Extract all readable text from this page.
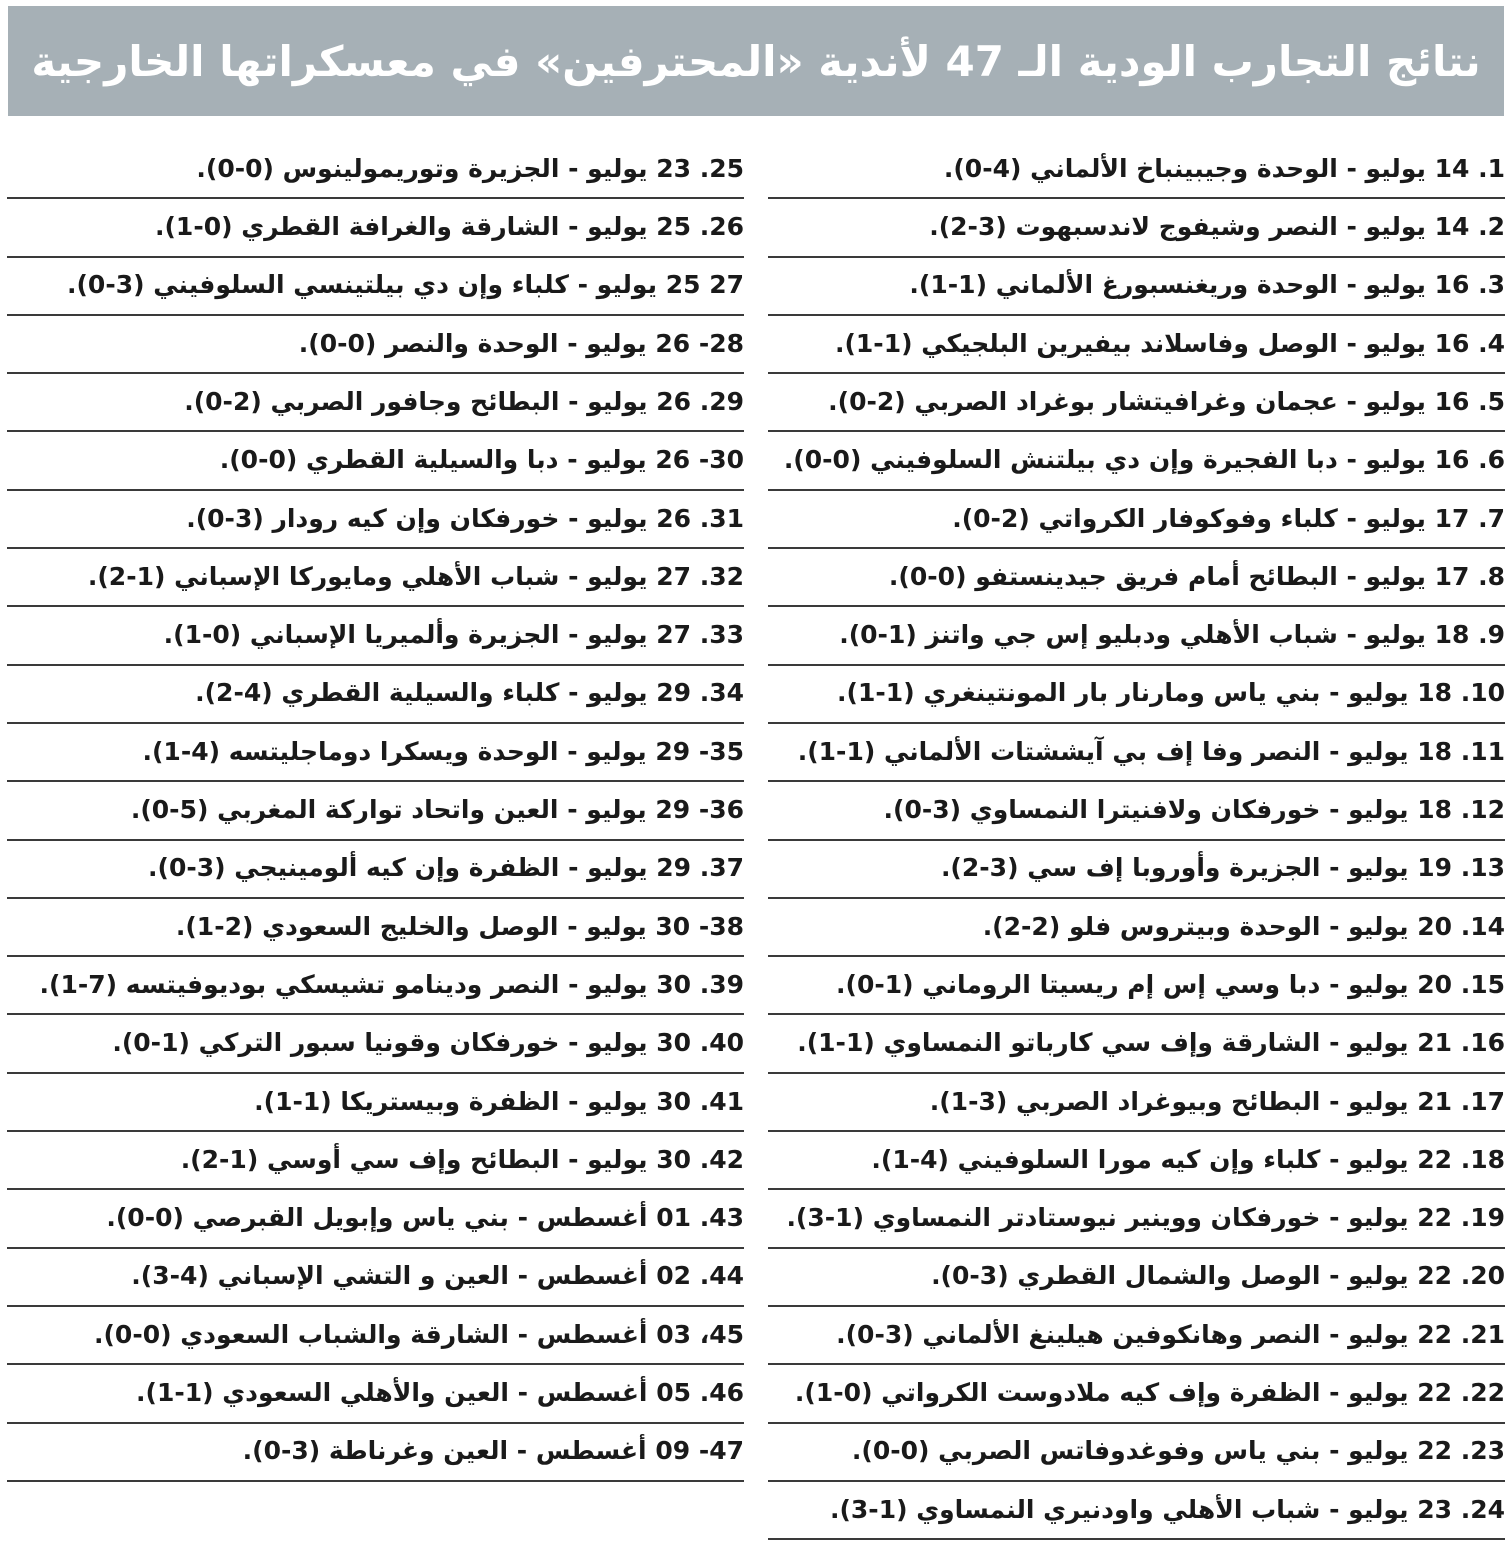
نتائج التجارب الودية الـ 47 لأندية «المحترفين» في معسكراتها الخارجية
1. 14 يوليو - الوحدة وجيبينباخ الألماني (4-0).
2. 14 يوليو - النصر وشيفوج لاندسبهوت (3-2).
3. 16 يوليو - الوحدة وريغنسبورغ الألماني (1-1).
4. 16 يوليو - الوصل وفاسلاند بيفيرين البلجيكي (1-1).
5. 16 يوليو - عجمان وغرافيتشار بوغراد الصربي (2-0).
6. 16 يوليو - دبا الفجيرة وإن دي بيلتنش السلوفيني (0-0).
7. 17 يوليو - كلباء وفوكوفار الكرواتي (2-0).
8. 17 يوليو - البطائح أمام فريق جيدينستفو (0-0).
9. 18 يوليو - شباب الأهلي ودبليو إس جي واتنز (1-0).
10. 18 يوليو - بني ياس ومارنار بار المونتينغري (1-1).
11. 18 يوليو - النصر وفا إف بي آيششتات الألماني (1-1).
12. 18 يوليو - خورفكان ولافنيترا النمساوي (3-0).
13. 19 يوليو - الجزيرة وأوروبا إف سي (3-2).
14. 20 يوليو - الوحدة وبيتروس فلو (2-2).
15. 20 يوليو - دبا وسي إس إم ريسيتا الروماني (1-0).
16. 21 يوليو - الشارقة وإف سي كارباتو النمساوي (1-1).
17. 21 يوليو - البطائح وبيوغراد الصربي (3-1).
18. 22 يوليو - كلباء وإن كيه مورا السلوفيني (4-1).
19. 22 يوليو - خورفكان ووينير نيوستادتر النمساوي (1-3).
20. 22 يوليو - الوصل والشمال القطري (3-0).
21. 22 يوليو - النصر وهانكوفين هيلينغ الألماني (3-0).
22. 22 يوليو - الظفرة وإف كيه ملادوست الكرواتي (0-1).
23. 22 يوليو - بني ياس وفوغدوفاتس الصربي (0-0).
24. 23 يوليو - شباب الأهلي واودنيري النمساوي (1-3).
25. 23 يوليو - الجزيرة وتوريمولينوس (0-0).
26. 25 يوليو - الشارقة والغرافة القطري (0-1).
27 25 يوليو - كلباء وإن دي بيلتينسي السلوفيني (3-0).
28- 26 يوليو - الوحدة والنصر (0-0).
29. 26 يوليو - البطائح وجافور الصربي (2-0).
30- 26 يوليو - دبا والسيلية القطري (0-0).
31. 26 يوليو - خورفكان وإن كيه رودار (3-0).
32. 27 يوليو - شباب الأهلي ومايوركا الإسباني (1-2).
33. 27 يوليو - الجزيرة وألميريا الإسباني (0-1).
34. 29 يوليو - كلباء والسيلية القطري (4-2).
35- 29 يوليو - الوحدة ويسكرا دوماجليتسه (4-1).
36- 29 يوليو - العين واتحاد تواركة المغربي (5-0).
37. 29 يوليو - الظفرة وإن كيه ألومينيجي (3-0).
38- 30 يوليو - الوصل والخليج السعودي (2-1).
39. 30 يوليو - النصر ودينامو تشيسكي بوديوفيتسه (7-1).
40. 30 يوليو - خورفكان وقونيا سبور التركي (1-0).
41. 30 يوليو - الظفرة وبيستريكا (1-1).
42. 30 يوليو - البطائح وإف سي أوسي (1-2).
43. 01 أغسطس - بني ياس وإبويل القبرصي (0-0).
44. 02 أغسطس - العين و التشي الإسباني (4-3).
45، 03 أغسطس - الشارقة والشباب السعودي (0-0).
46. 05 أغسطس - العين والأهلي السعودي (1-1).
47- 09 أغسطس - العين وغرناطة (3-0).
